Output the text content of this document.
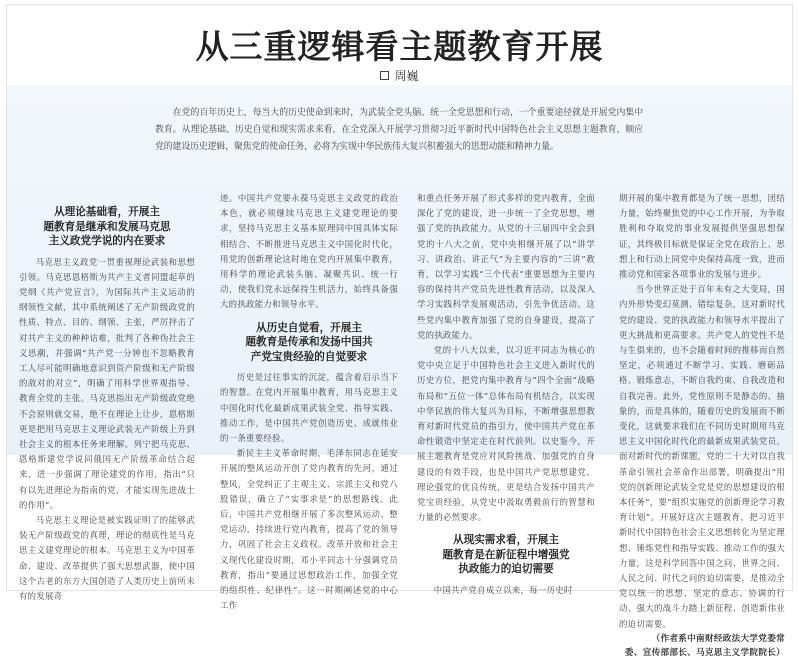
从三重逻辑看主题教育开展
周巍

在党的百年历史上，每当大的历史使命到来时，为武装全党头脑、统一全党思想和行动，一个重要途径就是开展党内集中教育。从理论基础、历史自觉和现实需求来看，在全党深入开展学习贯彻习近平新时代中国特色社会主义思想主题教育，顺应党的建设历史逻辑，聚焦党的使命任务，必将为实现中华民族伟大复兴积蓄强大的思想动能和精神力量。

从理论基础看，开展主
题教育是继承和发展马克思
主义政党学说的内在要求

马克思主义政党一贯重视理论武装和思想引领。马克思恩格斯为共产主义者同盟起草的党纲《共产党宣言》，为国际共产主义运动的纲领性文献，其中系统阐述了无产阶级政党的性质、特点、目的、纲领、主张，严厉抨击了对共产主义的种种诘难，批判了各种伪社会主义思潮，并强调“共产党一分钟也不忽略教育工人尽可能明确地意识到资产阶级和无产阶级的敌对的对立”，明确了用科学世界观指导、教育全党的主张。马克思指出无产阶级政党绝不会原则就交易，绝不在理论上让步，恩格斯更是把用马克思主义理论武装无产阶级上升到社会主义的根本任务来理解。列宁把马克思、恩格斯建党学说同俄国无产阶级革命结合起来，进一步强调了理论建党的作用，指出“只有以先进理论为指南的党，才能实现先进战士的作用”。

马克思主义理论是被实践证明了的能够武装无产阶级政党的真理，理论的彻底性是马克思主义建党理论的根本。马克思主义为中国革命、建设、改革提供了强大思想武器，使中国这个古老的东方大国创造了人类历史上前所未有的发展奇

迹。中国共产党要永葆马克思主义政党的政治本色，就必须继续马克思主义建党理论的要求，坚持马克思主义基本原理同中国具体实际相结合、不断推进马克思主义中国化时代化，用党的创新理论这时地在党内开展集中教育，用科学的理论武装头脑、凝聚共识、统一行动，使我们党永远保持生机活力，始终具备强大的执政能力和领导水平。

从历史自觉看，开展主
题教育是传承和发扬中国共
产党宝贵经验的自觉要求

历史是过往事实的沉淀，蕴含着启示当下的智慧。在党内开展集中教育，用马克思主义中国化时代化最新成果武装全党、指导实践、推动工作，是中国共产党创造历史、成就伟业的一条重要经验。

新民主主义革命时期，毛泽东同志在延安开展的整风运动开创了党内教育的先河，通过整风，全党纠正了主观主义、宗派主义和党八股错误，确立了“实事求是”的思想路线。此后，中国共产党相继开展了多次整风运动、整党运动，持续进行党内教育，提高了党的领导力，巩固了社会主义政权。改革开放和社会主义现代化建设时期，邓小平同志十分强调党员教育，指出“要通过思想政治工作，加强全党的组织性、纪律性”。这一时期阐述党的中心工作

和重点任务开展了形式多样的党内教育，全面深化了党的建设，进一步统一了全党思想，增强了党的执政能力。从党的十三届四中全会到党的十八大之前，党中央相继开展了以“讲学习、讲政治、讲正气”为主要内容的“三讲”教育，以学习实践“三个代表”重要思想为主要内容的保持共产党员先进性教育活动，以及深入学习实践科学发展观活动，引先争优活动。这些党内集中教育加强了党的自身建设，提高了党的执政能力。

党的十八大以来，以习近平同志为核心的党中央立足于中国特色社会主义进入新时代的历史方位，把党内集中教育与“四个全面”战略布局和“五位一体”总体布局有机结合，以实现中华民族的伟大复兴为目标，不断增强思想教育对新时代党员的指引力，使中国共产党在革命性锻造中坚定走在时代前列。以史鉴今，开展主题教育是党应对风险挑战、加强党的自身建设的有效手段，也是中国共产党思想建党、理论强党的优良传统，更是结合发扬中国共产党宝贵经验，从党史中汲取勇毅前行的智慧和力量的必然要求。

从现实需求看，开展主
题教育是在新征程中增强党
执政能力的迫切需要

中国共产党自成立以来，每一历史时

期开展的集中教育都是为了统一思想，团结力量，始终聚焦党的中心工作开展，为争取胜利和夺取党的事业发展提供坚强思想保证，其终极目标就是保证全党在政治上、思想上和行动上同党中央保持高度一致，进而推动党和国家各项事业的发展与进步。

当今世界正处于百年未有之大变局，国内外形势变幻莫测、错综复杂，这对新时代党的建设、党的执政能力和领导水平提出了更大挑战和更高要求。共产党人的党性不是与生俱来的，也不会随着时间的推移而自然坚定，必须通过不断学习、实践、磨砺品格、锻炼意志，不断自我约束、自我改造和自我完善。此外，党性原则不是静态的、抽象的，而是具体的，随着历史的发展而不断变化，这就要求我们在不同历史时期用马克思主义中国化时代化的最新成果武装党员。面对新时代的新课题，党的二十大对以自我革命引领社会革命作出部署，明确提出“用党的创新理论武装全党是党的思想建设的根本任务”，要“组织实施党的创新理论学习教育计划”。开展好这次主题教育，把习近平新时代中国特色社会主义思想转化为坚定理想、锤炼党性和指导实践、推动工作的强大力量，这是科学回答中国之问、世界之问、人民之问、时代之问的迫切需要，是推动全党以统一的思想、坚定的意志、协调的行动、强大的战斗力踏上新征程、创造新伟业的迫切需要。

（作者系中南财经政法大学党委常委、宣传部部长、马克思主义学院院长）
